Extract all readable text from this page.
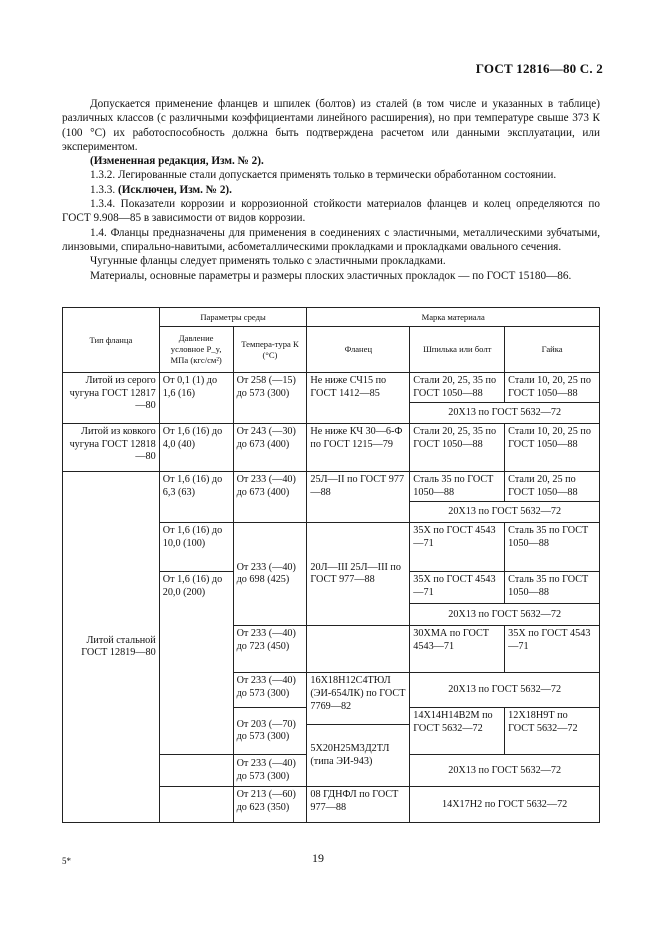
ГОСТ 12816—80 С. 2

Допускается применение фланцев и шпилек (болтов) из сталей (в том числе и указанных в таблице) различных классов (с различными коэффициентами линейного расширения), но при температуре свыше 373 К (100 °С) их работоспособность должна быть подтверждена расчетом или данными эксплуатации, или экспериментом.

(Измененная редакция, Изм. № 2).

1.3.2. Легированные стали допускается применять только в термически обработанном состоянии.

1.3.3. (Исключен, Изм. № 2).

1.3.4. Показатели коррозии и коррозионной стойкости материалов фланцев и колец определяются по ГОСТ 9.908—85 в зависимости от видов коррозии.

1.4. Фланцы предназначены для применения в соединениях с эластичными, металлическими зубчатыми, линзовыми, спирально-навитыми, асбометаллическими прокладками и прокладками овального сечения.

Чугунные фланцы следует применять только с эластичными прокладками.

Материалы, основные параметры и размеры плоских эластичных прокладок — по ГОСТ 15180—86.

Тип фланца	Параметры среды		Марка материала		
	Давление условное P_y, МПа (кгс/см²)	Темпера-тура К (°С)	Фланец	Шпилька или болт	Гайка
Литой из серого чугуна ГОСТ 12817—80	От 0,1 (1) до 1,6 (16)	От 258 (—15) до 573 (300)	Не ниже СЧ15 по ГОСТ 1412—85	Стали 20, 25, 35 по ГОСТ 1050—88	Стали 10, 20, 25 по ГОСТ 1050—88
				20Х13 по ГОСТ 5632—72	
Литой из ковкого чугуна ГОСТ 12818—80	От 1,6 (16) до 4,0 (40)	От 243 (—30) до 673 (400)	Не ниже КЧ 30—6-Ф по ГОСТ 1215—79	Стали 20, 25, 35 по ГОСТ 1050—88	Стали 10, 20, 25 по ГОСТ 1050—88
Литой стальной ГОСТ 12819—80	От 1,6 (16) до 6,3 (63)	От 233 (—40) до 673 (400)	25Л—II по ГОСТ 977—88	Сталь 35 по ГОСТ 1050—88	Стали 20, 25 по ГОСТ 1050—88
				20Х13 по ГОСТ 5632—72	
	От 1,6 (16) до 10,0 (100)	От 233 (—40) до 698 (425)	20Л—III 25Л—III по ГОСТ 977—88	35Х по ГОСТ 4543—71	Сталь 35 по ГОСТ 1050—88
	От 1,6 (16) до 20,0 (200)			35Х по ГОСТ 4543—71	Сталь 35 по ГОСТ 1050—88
				20Х13 по ГОСТ 5632—72	
		От 233 (—40) до 723 (450)		30ХМА по ГОСТ 4543—71	35Х по ГОСТ 4543—71
		От 233 (—40) до 573 (300)	16Х18Н12С4ТЮЛ (ЭИ-654ЛК) по ГОСТ 7769—82	20Х13 по ГОСТ 5632—72	
		От 203 (—70) до 573 (300)		14Х14Н14В2М по ГОСТ 5632—72	12Х18Н9Т по ГОСТ 5632—72
			5Х20Н25М3Д2ТЛ (типа ЭИ-943)		
		От 233 (—40) до 573 (300)		20Х13 по ГОСТ 5632—72	
		От 213 (—60) до 623 (350)	08 ГДНФЛ по ГОСТ 977—88	14Х17Н2 по ГОСТ 5632—72	
5*	19
